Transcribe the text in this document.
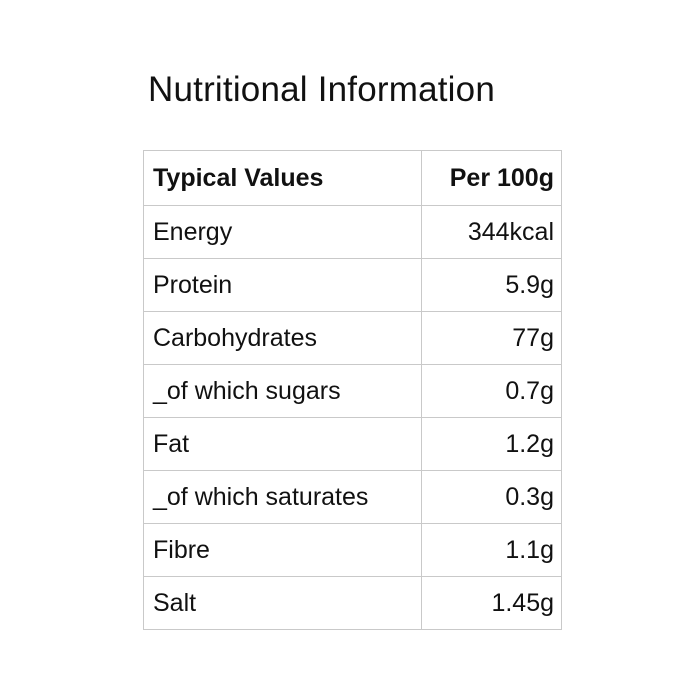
Nutritional Information
Typical Values	Per 100g
Energy	344kcal
Protein	5.9g
Carbohydrates	77g
_of which sugars	0.7g
Fat	1.2g
_of which saturates	0.3g
Fibre	1.1g
Salt	1.45g
